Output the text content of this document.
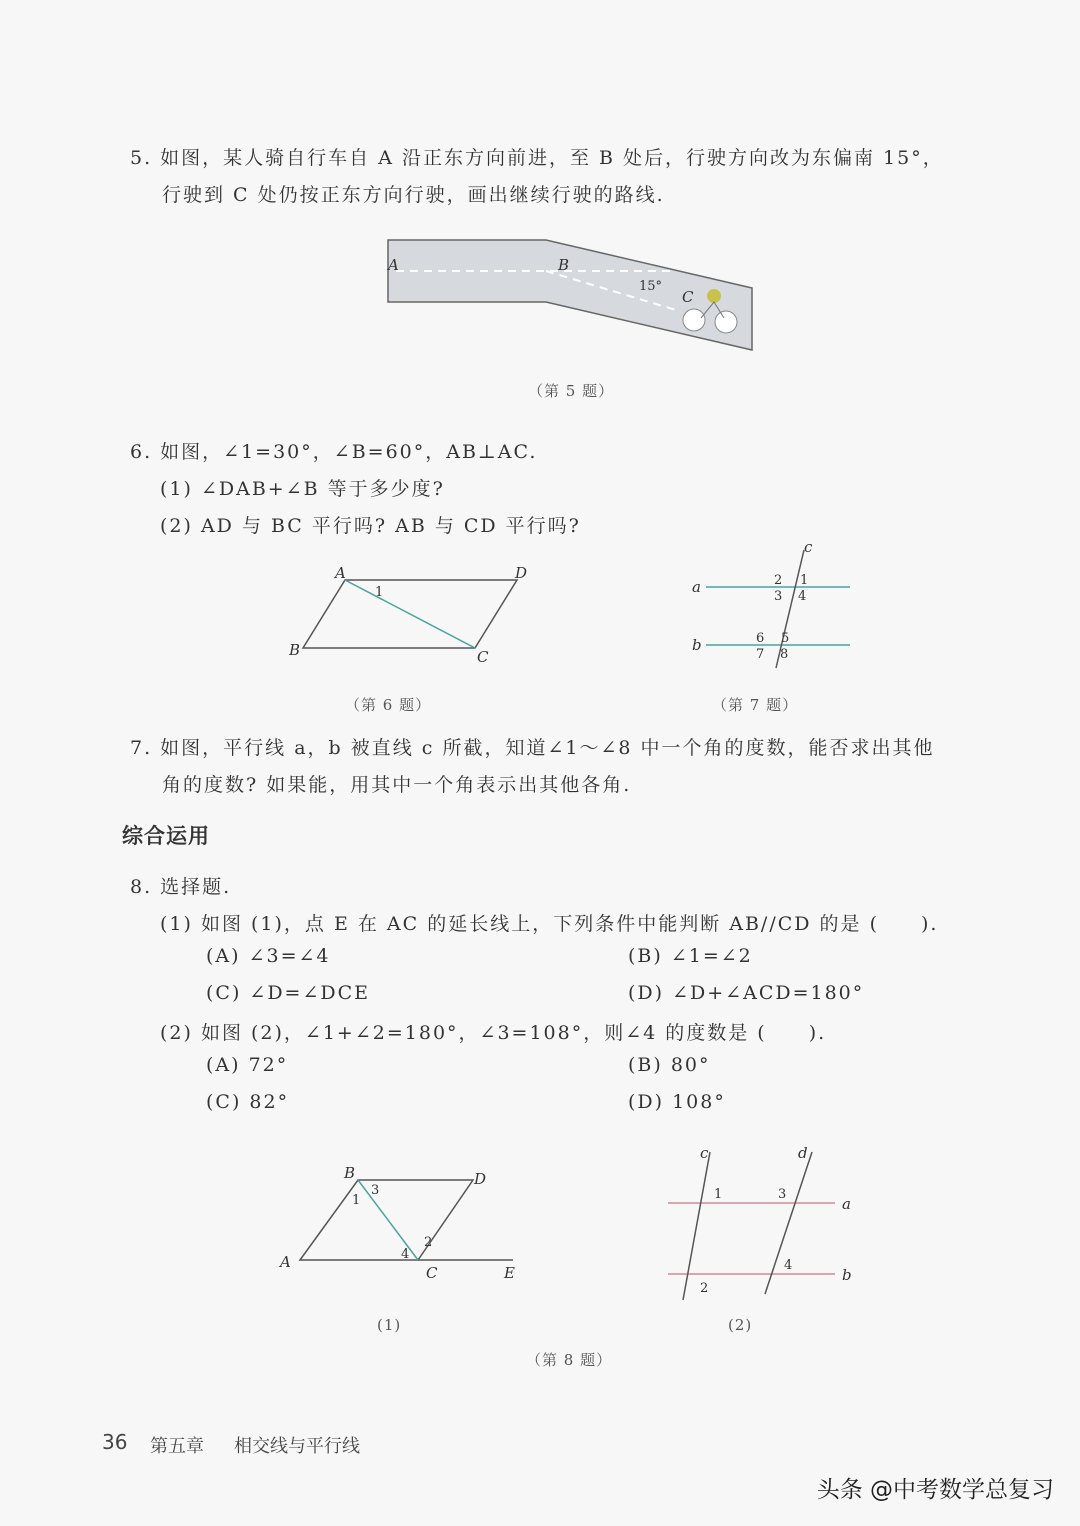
5. 如图，某人骑自行车自 A 沿正东方向前进，至 B 处后，行驶方向改为东偏南 15°，
行驶到 C 处仍按正东方向行驶，画出继续行驶的路线.
A	B
15°
C
（第 5 题）
6. 如图，∠1=30°，∠B=60°，AB⊥AC.
(1) ∠DAB+∠B 等于多少度?
(2) AD 与 BC 平行吗? AB 与 CD 平行吗?
A	D
B	C
1
（第 6 题）
c
a
b
1
2
3 4
5
6
7 8
（第 7 题）
7. 如图，平行线 a，b 被直线 c 所截，知道∠1～∠8 中一个角的度数，能否求出其他
角的度数? 如果能，用其中一个角表示出其他各角.
综合运用
8. 选择题.
(1) 如图 (1)，点 E 在 AC 的延长线上，下列条件中能判断 AB//CD 的是 (　　).
(A) ∠3=∠4	(B) ∠1=∠2
(C) ∠D=∠DCE	(D) ∠D+∠ACD=180°
(2) 如图 (2)，∠1+∠2=180°，∠3=108°，则∠4 的度数是 (　　).
(A) 72°	(B) 80°
(C) 82°	(D) 108°
A
B
C
D
E
1
2
3
4
(1)
c	d
a
b
1
2
3
4
(2)
（第 8 题）
36 第五章 相交线与平行线
头条 @中考数学总复习
